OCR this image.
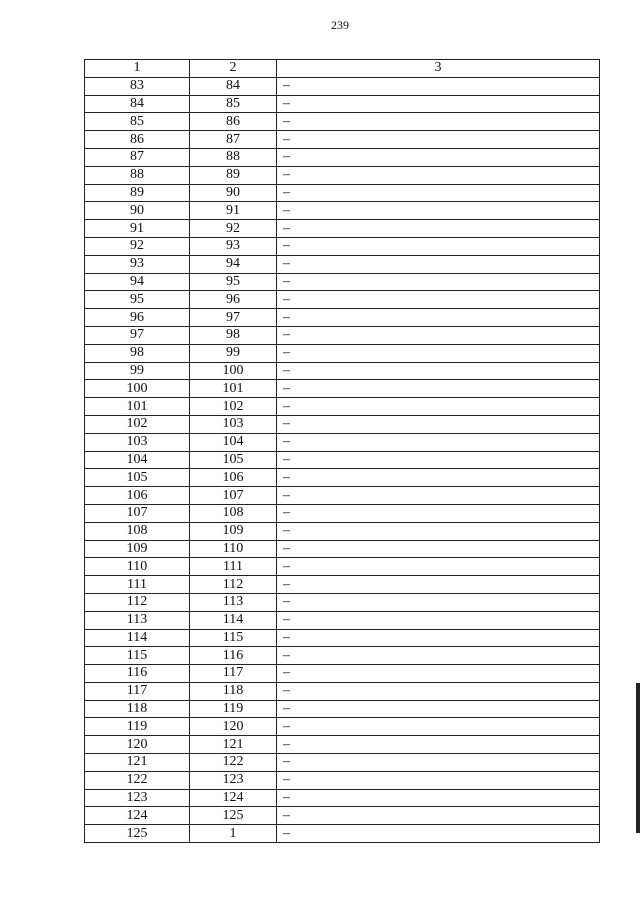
239
1	2	3
83	84	–
84	85	–
85	86	–
86	87	–
87	88	–
88	89	–
89	90	–
90	91	–
91	92	–
92	93	–
93	94	–
94	95	–
95	96	–
96	97	–
97	98	–
98	99	–
99	100	–
100	101	–
101	102	–
102	103	–
103	104	–
104	105	–
105	106	–
106	107	–
107	108	–
108	109	–
109	110	–
110	111	–
111	112	–
112	113	–
113	114	–
114	115	–
115	116	–
116	117	–
117	118	–
118	119	–
119	120	–
120	121	–
121	122	–
122	123	–
123	124	–
124	125	–
125	1	–
